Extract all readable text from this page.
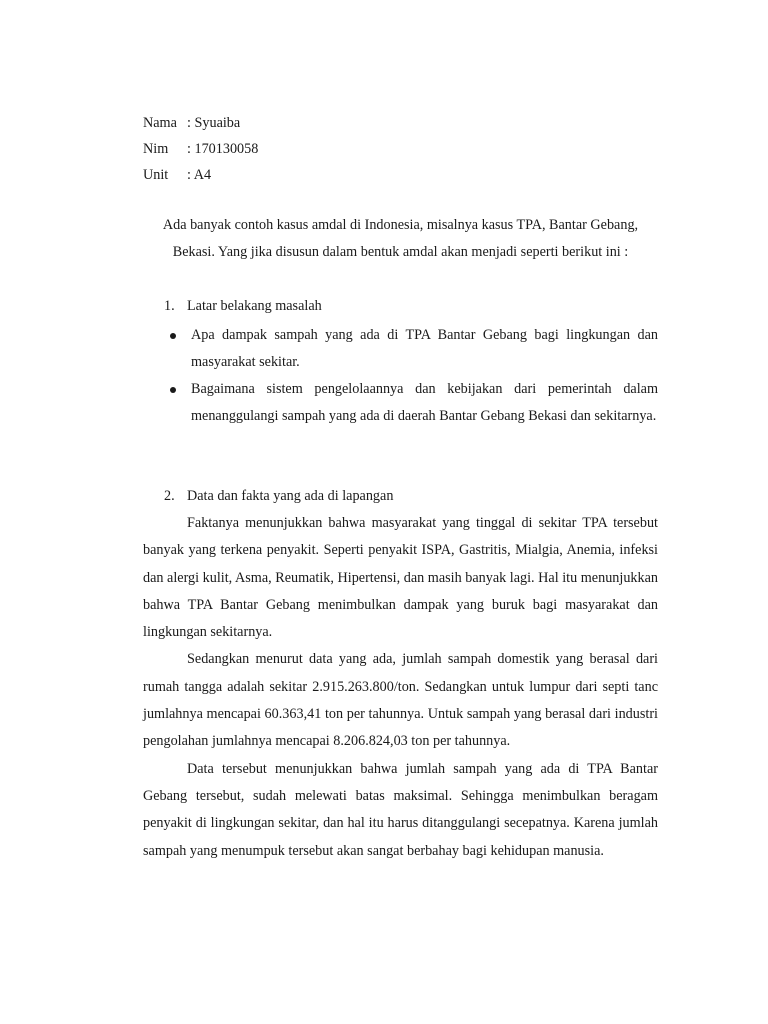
Nama : Syuaiba
Nim : 170130058
Unit : A4
Ada banyak contoh kasus amdal di Indonesia, misalnya kasus TPA, Bantar Gebang, Bekasi. Yang jika disusun dalam bentuk amdal akan menjadi seperti berikut ini :
1. Latar belakang masalah
Apa dampak sampah yang ada di TPA Bantar Gebang bagi lingkungan dan masyarakat sekitar.
Bagaimana sistem pengelolaannya dan kebijakan dari pemerintah dalam menanggulangi sampah yang ada di daerah Bantar Gebang Bekasi dan sekitarnya.
2. Data dan fakta yang ada di lapangan

Faktanya menunjukkan bahwa masyarakat yang tinggal di sekitar TPA tersebut banyak yang terkena penyakit. Seperti penyakit ISPA, Gastritis, Mialgia, Anemia, infeksi dan alergi kulit, Asma, Reumatik, Hipertensi, dan masih banyak lagi. Hal itu menunjukkan bahwa TPA Bantar Gebang menimbulkan dampak yang buruk bagi masyarakat dan lingkungan sekitarnya.

Sedangkan menurut data yang ada, jumlah sampah domestik yang berasal dari rumah tangga adalah sekitar 2.915.263.800/ton. Sedangkan untuk lumpur dari septi tanc jumlahnya mencapai 60.363,41 ton per tahunnya. Untuk sampah yang berasal dari industri pengolahan jumlahnya mencapai 8.206.824,03 ton per tahunnya.

Data tersebut menunjukkan bahwa jumlah sampah yang ada di TPA Bantar Gebang tersebut, sudah melewati batas maksimal. Sehingga menimbulkan beragam penyakit di lingkungan sekitar, dan hal itu harus ditanggulangi secepatnya. Karena jumlah sampah yang menumpuk tersebut akan sangat berbahay bagi kehidupan manusia.
